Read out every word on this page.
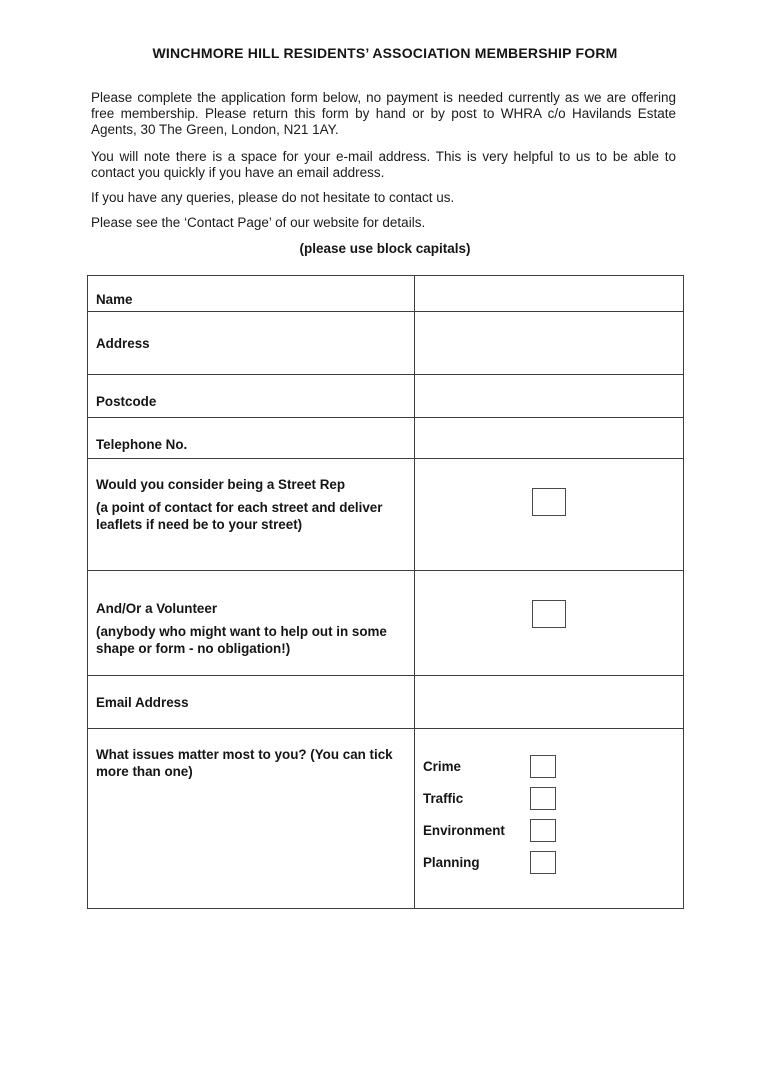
WINCHMORE HILL RESIDENTS’ ASSOCIATION MEMBERSHIP FORM

Please complete the application form below, no payment is needed currently as we are offering free membership. Please return this form by hand or by post to WHRA c/o Havilands Estate Agents, 30 The Green, London, N21 1AY.

You will note there is a space for your e-mail address. This is very helpful to us to be able to contact you quickly if you have an email address.

If you have any queries, please do not hesitate to contact us.

Please see the ‘Contact Page’ of our website for details.

(please use block capitals)
Name	

Address	

Postcode	

Telephone No.	

Would you consider being a Street Rep
(a point of contact for each street and deliver leaflets if need be to your street)	

And/Or a Volunteer
(anybody who might want to help out in some shape or form - no obligation!)	

Email Address	

What issues matter most to you? (You can tick more than one)	Crime
Traffic
Environment
Planning
